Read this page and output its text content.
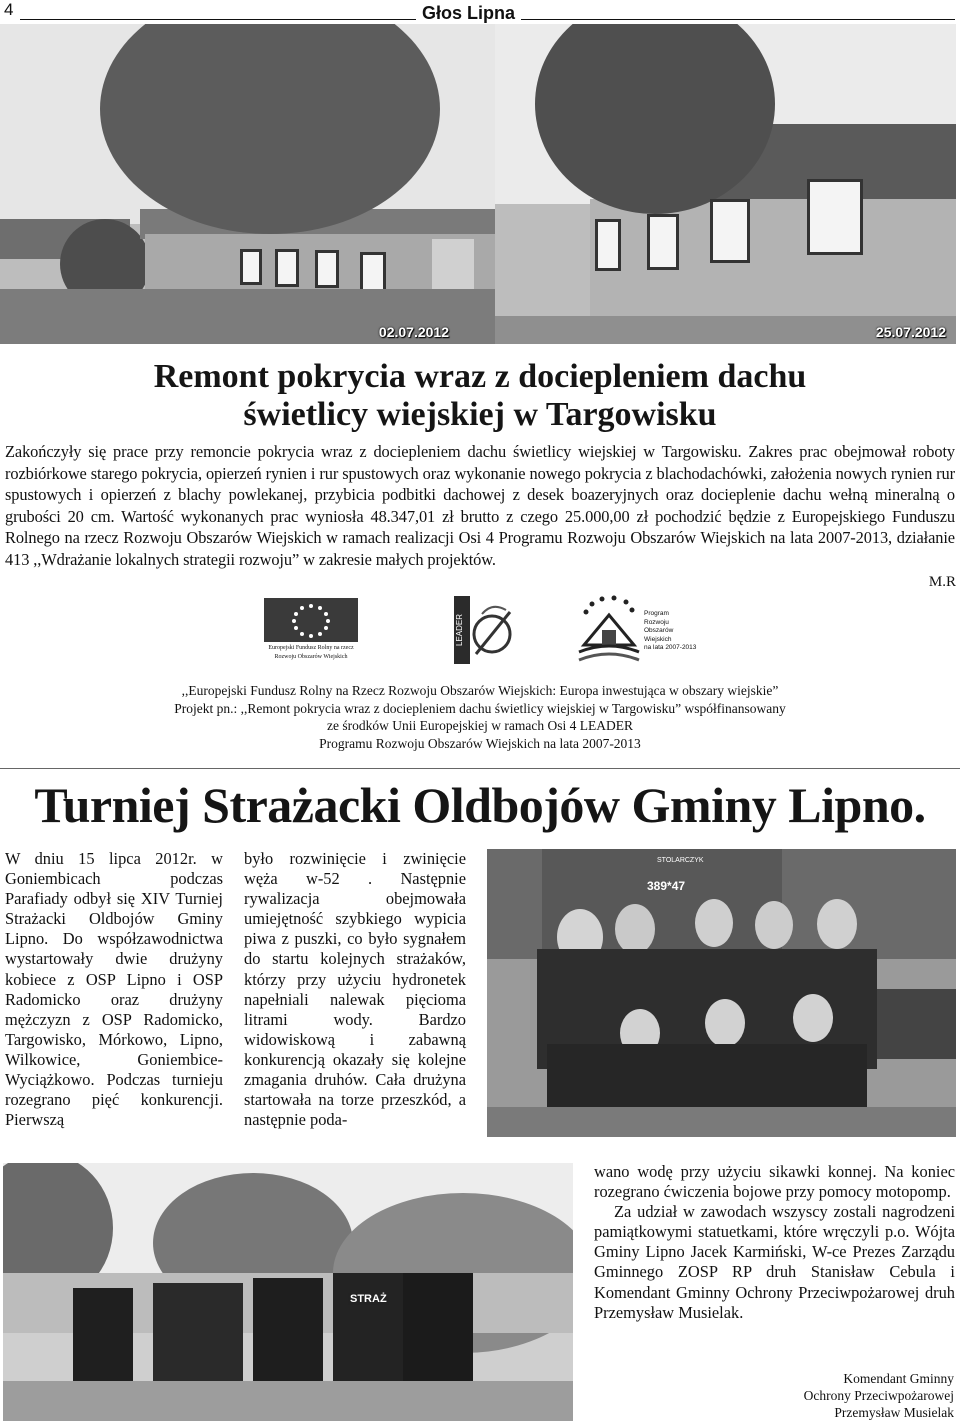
4	Głos Lipna
02.07.2012	25.07.2012
Remont pokrycia wraz z dociepleniem dachu
świetlicy wiejskiej w Targowisku

Zakończyły się prace przy remoncie pokrycia wraz z dociepleniem dachu świetlicy wiejskiej w Targowisku. Zakres prac obejmował roboty rozbiórkowe starego pokrycia, opierzeń rynien i rur spustowych oraz wykonanie nowego pokrycia z blachodachówki, założenia nowych rynien rur spustowych i opierzeń z blachy powlekanej, przybicia podbitki dachowej z desek boazeryjnych oraz docieplenie dachu wełną mineralną o grubości 20 cm. Wartość wykonanych prac wyniosła 48.347,01 zł brutto z czego 25.000,00 zł pochodzić będzie z Europejskiego Funduszu Rolnego na rzecz Rozwoju Obszarów Wiejskich w ramach realizacji Osi 4 Programu Rozwoju Obszarów Wiejskich na lata 2007-2013, działanie 413 ,,Wdrażanie lokalnych strategii rozwoju” w zakresie małych projektów.

M.R
Europejski Fundusz Rolny na rzecz
Rozwoju Obszarów Wiejskich
LEADER
Program
Rozwoju
Obszarów
Wiejskich
na lata 2007-2013
,,Europejski Fundusz Rolny na Rzecz Rozwoju Obszarów Wiejskich: Europa inwestująca w obszary wiejskie”
Projekt pn.: ,,Remont pokrycia wraz z dociepleniem dachu świetlicy wiejskiej w Targowisku” współfinansowany
ze środków Unii Europejskiej w ramach Osi 4 LEADER
Programu Rozwoju Obszarów Wiejskich na lata 2007-2013
Turniej Strażacki Oldbojów Gminy Lipno.
W dniu 15 lipca 2012r. w Goniembicach podczas Parafiady odbył się XIV Turniej Strażacki Oldbojów Gminy Lipno. Do współzawodnictwa wystartowały dwie drużyny kobiece z OSP Lipno i OSP Radomicko oraz drużyny mężczyzn z OSP Radomicko, Targowisko, Mórkowo, Lipno, Wilkowice, Goniembice-Wyciążkowo. Podczas turnieju rozegrano pięć konkurencji. Pierwszą
było rozwinięcie i zwinięcie węża w-52 . Następnie rywalizacja obejmowała umiejętność szybkiego wypicia piwa z puszki, co było sygnałem do startu kolejnych strażaków, którzy przy użyciu hydronetek napełniali nalewak pięcioma litrami wody. Bardzo widowiskową i zabawną konkurencją okazały się kolejne zmagania druhów. Cała drużyna startowała na torze przeszkód, a następnie poda-
389*47
STOLARCZYK
STRAŻ

wano wodę przy użyciu sikawki konnej. Na koniec rozegrano ćwiczenia bojowe przy pomocy motopomp.

Za udział w zawodach wszyscy zostali nagrodzeni pamiątkowymi statuetkami, które wręczyli p.o. Wójta Gminy Lipno Jacek Karmiński, W-ce Prezes Zarządu Gminnego ZOSP RP druh Stanisław Cebula i Komendant Gminny Ochrony Przeciwpożarowej druh Przemysław Musielak.

Komendant Gminny
Ochrony Przeciwpożarowej
Przemysław Musielak
